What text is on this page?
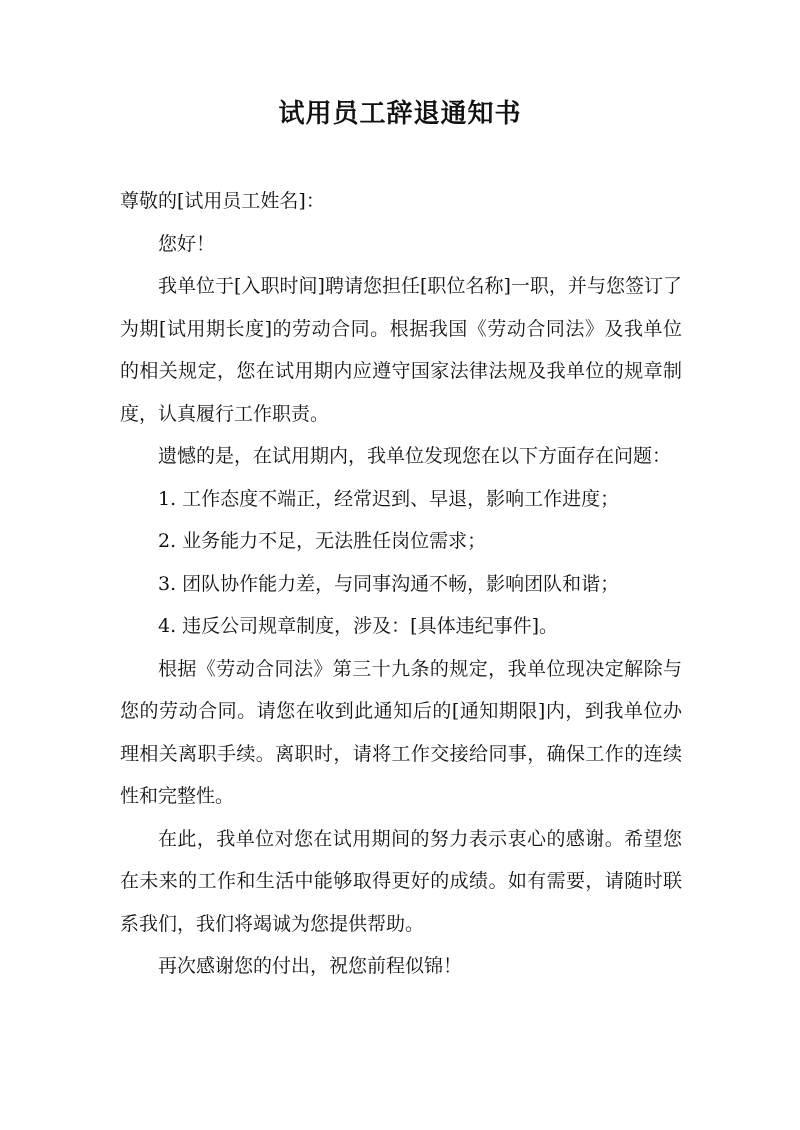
试用员工辞退通知书

尊敬的[试用员工姓名]：

您好！

我单位于[入职时间]聘请您担任[职位名称]一职，并与您签订了为期[试用期长度]的劳动合同。根据我国《劳动合同法》及我单位的相关规定，您在试用期内应遵守国家法律法规及我单位的规章制度，认真履行工作职责。

遗憾的是，在试用期内，我单位发现您在以下方面存在问题：

1. 工作态度不端正，经常迟到、早退，影响工作进度；

2. 业务能力不足，无法胜任岗位需求；

3. 团队协作能力差，与同事沟通不畅，影响团队和谐；

4. 违反公司规章制度，涉及：[具体违纪事件]。

根据《劳动合同法》第三十九条的规定，我单位现决定解除与您的劳动合同。请您在收到此通知后的[通知期限]内，到我单位办理相关离职手续。离职时，请将工作交接给同事，确保工作的连续性和完整性。

在此，我单位对您在试用期间的努力表示衷心的感谢。希望您在未来的工作和生活中能够取得更好的成绩。如有需要，请随时联系我们，我们将竭诚为您提供帮助。

再次感谢您的付出，祝您前程似锦！
